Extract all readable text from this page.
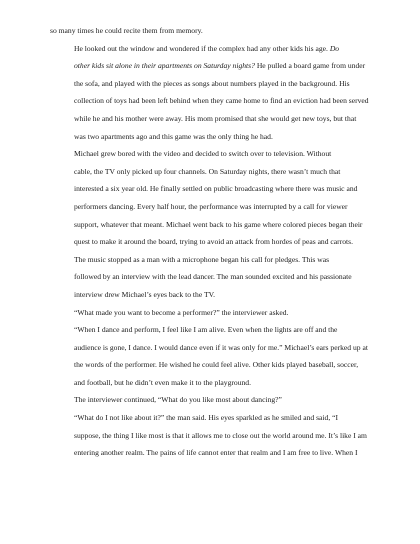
so many times he could recite them from memory.

He looked out the window and wondered if the complex had any other kids his age. Do
other kids sit alone in their apartments on Saturday nights? He pulled a board game from under
the sofa, and played with the pieces as songs about numbers played in the background. His
collection of toys had been left behind when they came home to find an eviction had been served
while he and his mother were away. His mom promised that she would get new toys, but that
was two apartments ago and this game was the only thing he had.

Michael grew bored with the video and decided to switch over to television. Without
cable, the TV only picked up four channels. On Saturday nights, there wasn’t much that
interested a six year old. He finally settled on public broadcasting where there was music and
performers dancing. Every half hour, the performance was interrupted by a call for viewer
support, whatever that meant. Michael went back to his game where colored pieces began their
quest to make it around the board, trying to avoid an attack from hordes of peas and carrots.

The music stopped as a man with a microphone began his call for pledges. This was
followed by an interview with the lead dancer. The man sounded excited and his passionate
interview drew Michael’s eyes back to the TV.

“What made you want to become a performer?” the interviewer asked.

“When I dance and perform, I feel like I am alive. Even when the lights are off and the
audience is gone, I dance. I would dance even if it was only for me.” Michael’s ears perked up at
the words of the performer. He wished he could feel alive. Other kids played baseball, soccer,
and football, but he didn’t even make it to the playground.

The interviewer continued, “What do you like most about dancing?”

“What do I not like about it?” the man said. His eyes sparkled as he smiled and said, “I
suppose, the thing I like most is that it allows me to close out the world around me. It’s like I am
entering another realm. The pains of life cannot enter that realm and I am free to live. When I
